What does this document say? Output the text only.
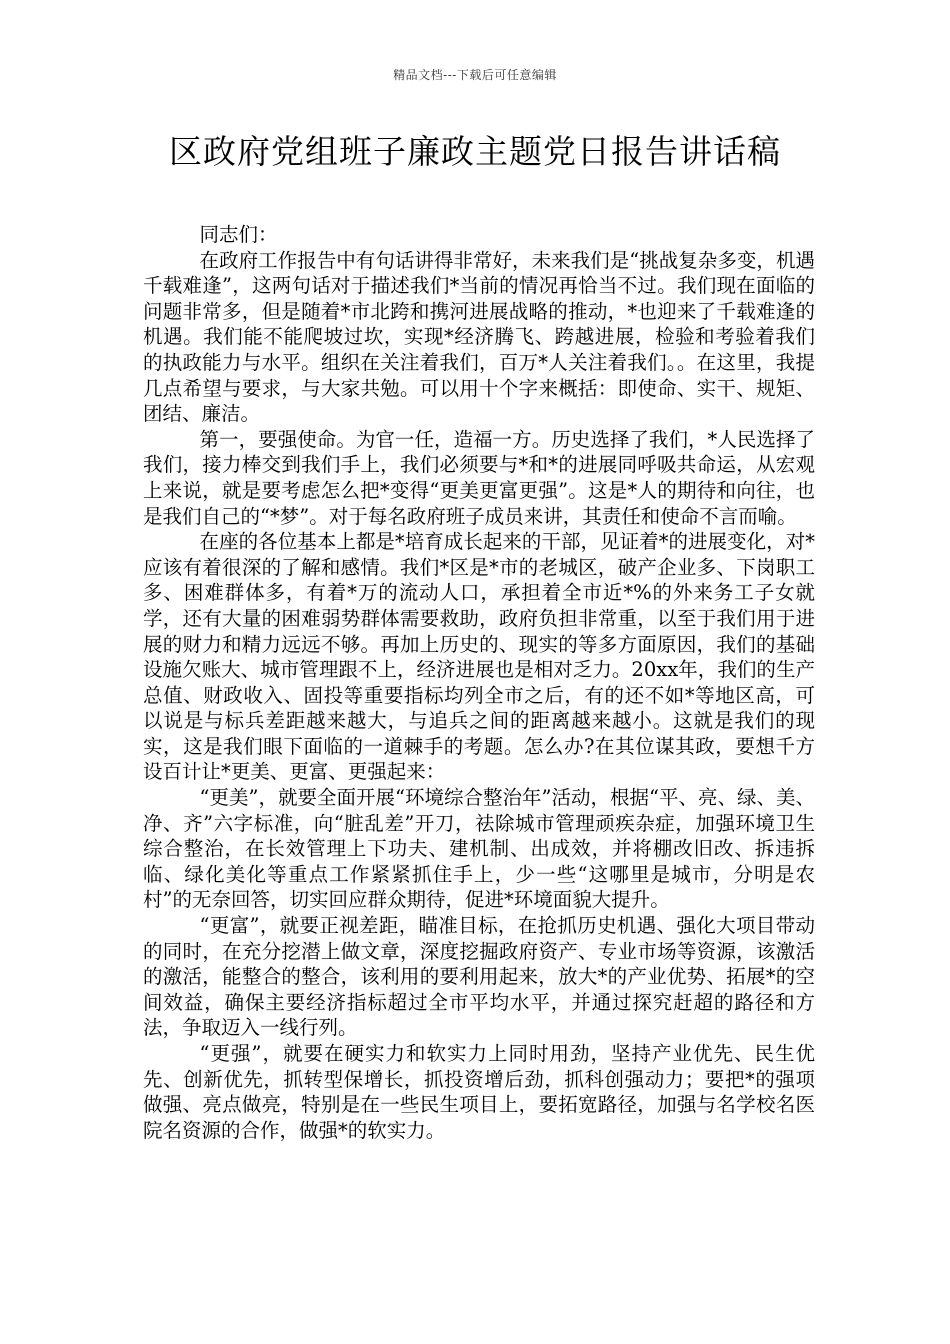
精品文档---下载后可任意编辑
区政府党组班子廉政主题党日报告讲话稿

同志们：

在政府工作报告中有句话讲得非常好，未来我们是“挑战复杂多变，机遇千载难逢”，这两句话对于描述我们*当前的情况再恰当不过。我们现在面临的问题非常多，但是随着*市北跨和携河进展战略的推动，*也迎来了千载难逢的机遇。我们能不能爬坡过坎，实现*经济腾飞、跨越进展，检验和考验着我们的执政能力与水平。组织在关注着我们，百万*人关注着我们。。在这里，我提几点希望与要求，与大家共勉。可以用十个字来概括：即使命、实干、规矩、团结、廉洁。

第一，要强使命。为官一任，造福一方。历史选择了我们，*人民选择了我们，接力棒交到我们手上，我们必须要与*和*的进展同呼吸共命运，从宏观上来说，就是要考虑怎么把*变得“更美更富更强”。这是*人的期待和向往，也是我们自己的“*梦”。对于每名政府班子成员来讲，其责任和使命不言而喻。

在座的各位基本上都是*培育成长起来的干部，见证着*的进展变化，对*应该有着很深的了解和感情。我们*区是*市的老城区，破产企业多、下岗职工多、困难群体多，有着*万的流动人口，承担着全市近*%的外来务工子女就学，还有大量的困难弱势群体需要救助，政府负担非常重，以至于我们用于进展的财力和精力远远不够。再加上历史的、现实的等多方面原因，我们的基础设施欠账大、城市管理跟不上，经济进展也是相对乏力。20xx年，我们的生产总值、财政收入、固投等重要指标均列全市之后，有的还不如*等地区高，可以说是与标兵差距越来越大，与追兵之间的距离越来越小。这就是我们的现实，这是我们眼下面临的一道棘手的考题。怎么办?在其位谋其政，要想千方设百计让*更美、更富、更强起来：

“更美”，就要全面开展“环境综合整治年”活动，根据“平、亮、绿、美、净、齐”六字标准，向“脏乱差”开刀，祛除城市管理顽疾杂症，加强环境卫生综合整治，在长效管理上下功夫、建机制、出成效，并将棚改旧改、拆违拆临、绿化美化等重点工作紧紧抓住手上，少一些“这哪里是城市，分明是农村”的无奈回答，切实回应群众期待，促进*环境面貌大提升。

“更富”，就要正视差距，瞄准目标，在抢抓历史机遇、强化大项目带动的同时，在充分挖潜上做文章，深度挖掘政府资产、专业市场等资源，该激活的激活，能整合的整合，该利用的要利用起来，放大*的产业优势、拓展*的空间效益，确保主要经济指标超过全市平均水平，并通过探究赶超的路径和方法，争取迈入一线行列。

“更强”，就要在硬实力和软实力上同时用劲，坚持产业优先、民生优先、创新优先，抓转型保增长，抓投资增后劲，抓科创强动力；要把*的强项做强、亮点做亮，特别是在一些民生项目上，要拓宽路径，加强与名学校名医院名资源的合作，做强*的软实力。
